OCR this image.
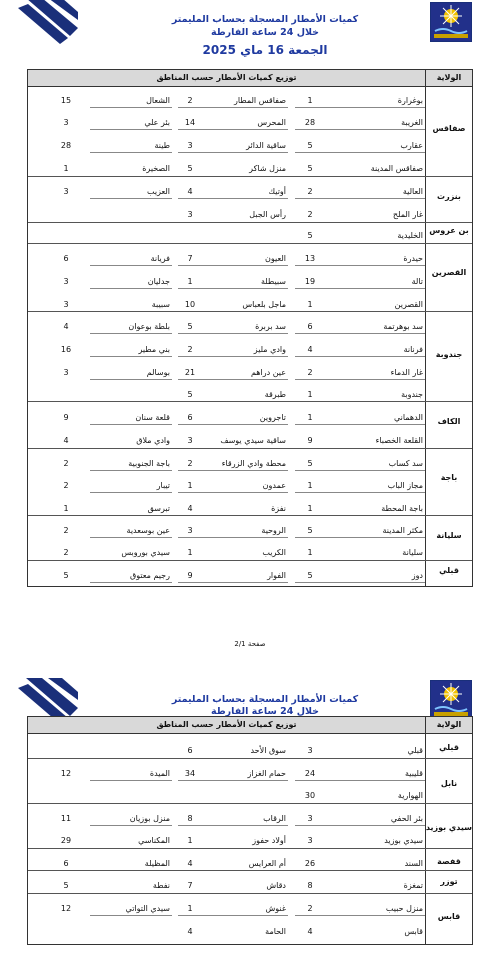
كميات الأمطار المسجلة بحساب المليمتر
خلال 24 ساعة الفارطة
الجمعة 16 ماي 2025
الولاية
توزيع كميات الأمطار حسب المناطق
صفاقس
بنزرت
بن عروس
القصرين
جندوبة
الكاف
باجة
سليانة
قبلي
بوغرارة
1
صفاقس المطار
2
الشعال
15
الغريبة
28
المحرس
14
بئر علي
3
عقارب
5
ساقية الدائر
3
طينة
28
صفاقس المدينة
5
منزل شاكر
5
الصخيرة
1
العالية
2
أوتيك
4
العزيب
3
غار الملح
2
رأس الجبل
3
الخليدية
5
حيدرة
13
العيون
7
فريانة
6
تالة
19
سبيطلة
1
جدليان
3
القصرين
1
ماجل بلعباس
10
سبيبة
3
سد بوهرتمة
6
سد بربرة
5
بلطة بوعوان
4
فرنانة
4
وادي مليز
2
بني مطير
16
غار الدماء
2
عين دراهم
21
بوسالم
3
جندوبة
1
طبرقة
5
الدهماني
1
تاجروين
6
قلعة سنان
9
القلعة الخصباء
9
ساقية سيدي يوسف
3
وادي ملاق
4
سد كساب
5
محطة وادي الزرقاء
2
باجة الجنوبية
2
مجاز الباب
1
عمدون
1
تيبار
2
باجة المحطة
1
نفزة
4
تبرسق
1
مكثر المدينة
5
الروحية
3
عين بوسعدية
2
سليانة
1
الكريب
1
سيدي بوروبس
2
دوز
5
الفوار
9
رجيم معتوق
5
صفحة 2/1
كميات الأمطار المسجلة بحساب المليمتر
خلال 24 ساعة الفارطة
الولاية
توزيع كميات الأمطار حسب المناطق
قبلي
نابل
سيدي بوزيد
قفصة
توزر
قابس
قبلي
3
سوق الأحد
6
قليبية
24
حمام الغزاز
34
الميدة
12
الهوارية
30
بئر الحفي
3
الرقاب
8
منزل بوزيان
11
سيدي بوزيد
3
أولاد حفوز
1
المكناسي
29
السند
26
أم العرايس
4
المظيلة
6
تمغزة
8
دقاش
7
نفطة
5
منزل حبيب
2
غنوش
1
سيدي التواتي
12
قابس
4
الحامة
4
